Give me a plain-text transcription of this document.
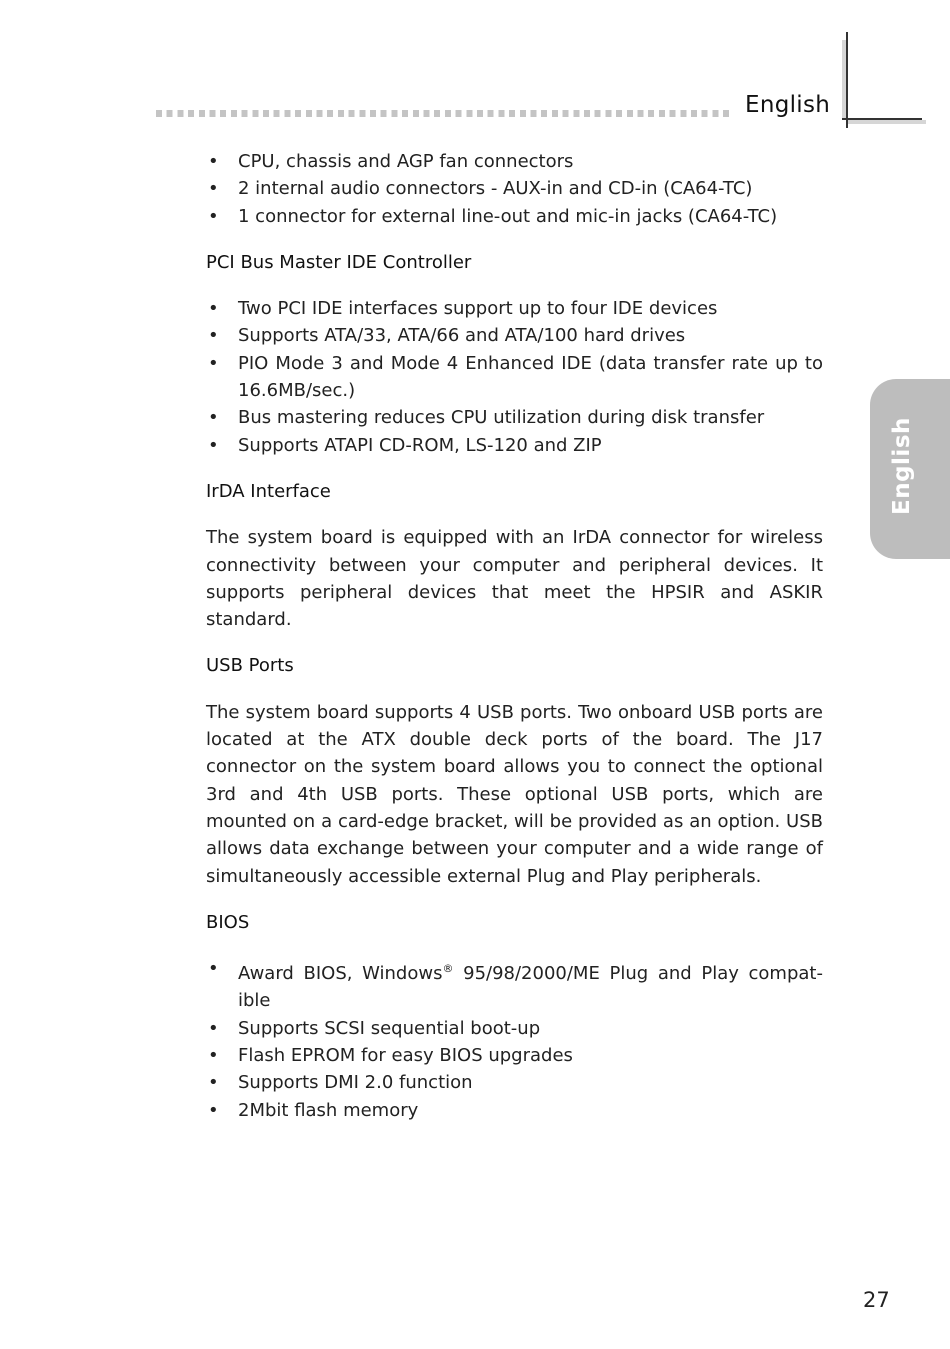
English
English
• CPU, chassis and AGP fan connectors
• 2 internal audio connectors - AUX-in and CD-in (CA64-TC)
• 1 connector for external line-out and mic-in jacks (CA64-TC)
PCI Bus Master IDE Controller
• Two PCI IDE interfaces support up to four IDE devices
• Supports ATA/33, ATA/66 and ATA/100 hard drives
• PIO Mode 3 and Mode 4 Enhanced IDE (data transfer rate up to 16.6MB/sec.)
• Bus mastering reduces CPU utilization during disk transfer
• Supports ATAPI CD-ROM, LS-120 and ZIP
IrDA Interface

The system board is equipped with an IrDA connector for wireless connectivity between your computer and peripheral devices. It supports peripheral devices that meet the HPSIR and ASKIR standard.

USB Ports

The system board supports 4 USB ports. Two onboard USB ports are located at the ATX double deck ports of the board. The J17 connector on the system board allows you to connect the optional 3rd and 4th USB ports. These optional USB ports, which are mounted on a card-edge bracket, will be provided as an option. USB allows data exchange between your computer and a wide range of simultaneously accessible external Plug and Play peripherals.

BIOS
• Award BIOS, Windows® 95/98/2000/ME Plug and Play compat-ible
• Supports SCSI sequential boot-up
• Flash EPROM for easy BIOS upgrades
• Supports DMI 2.0 function
• 2Mbit flash memory
27
